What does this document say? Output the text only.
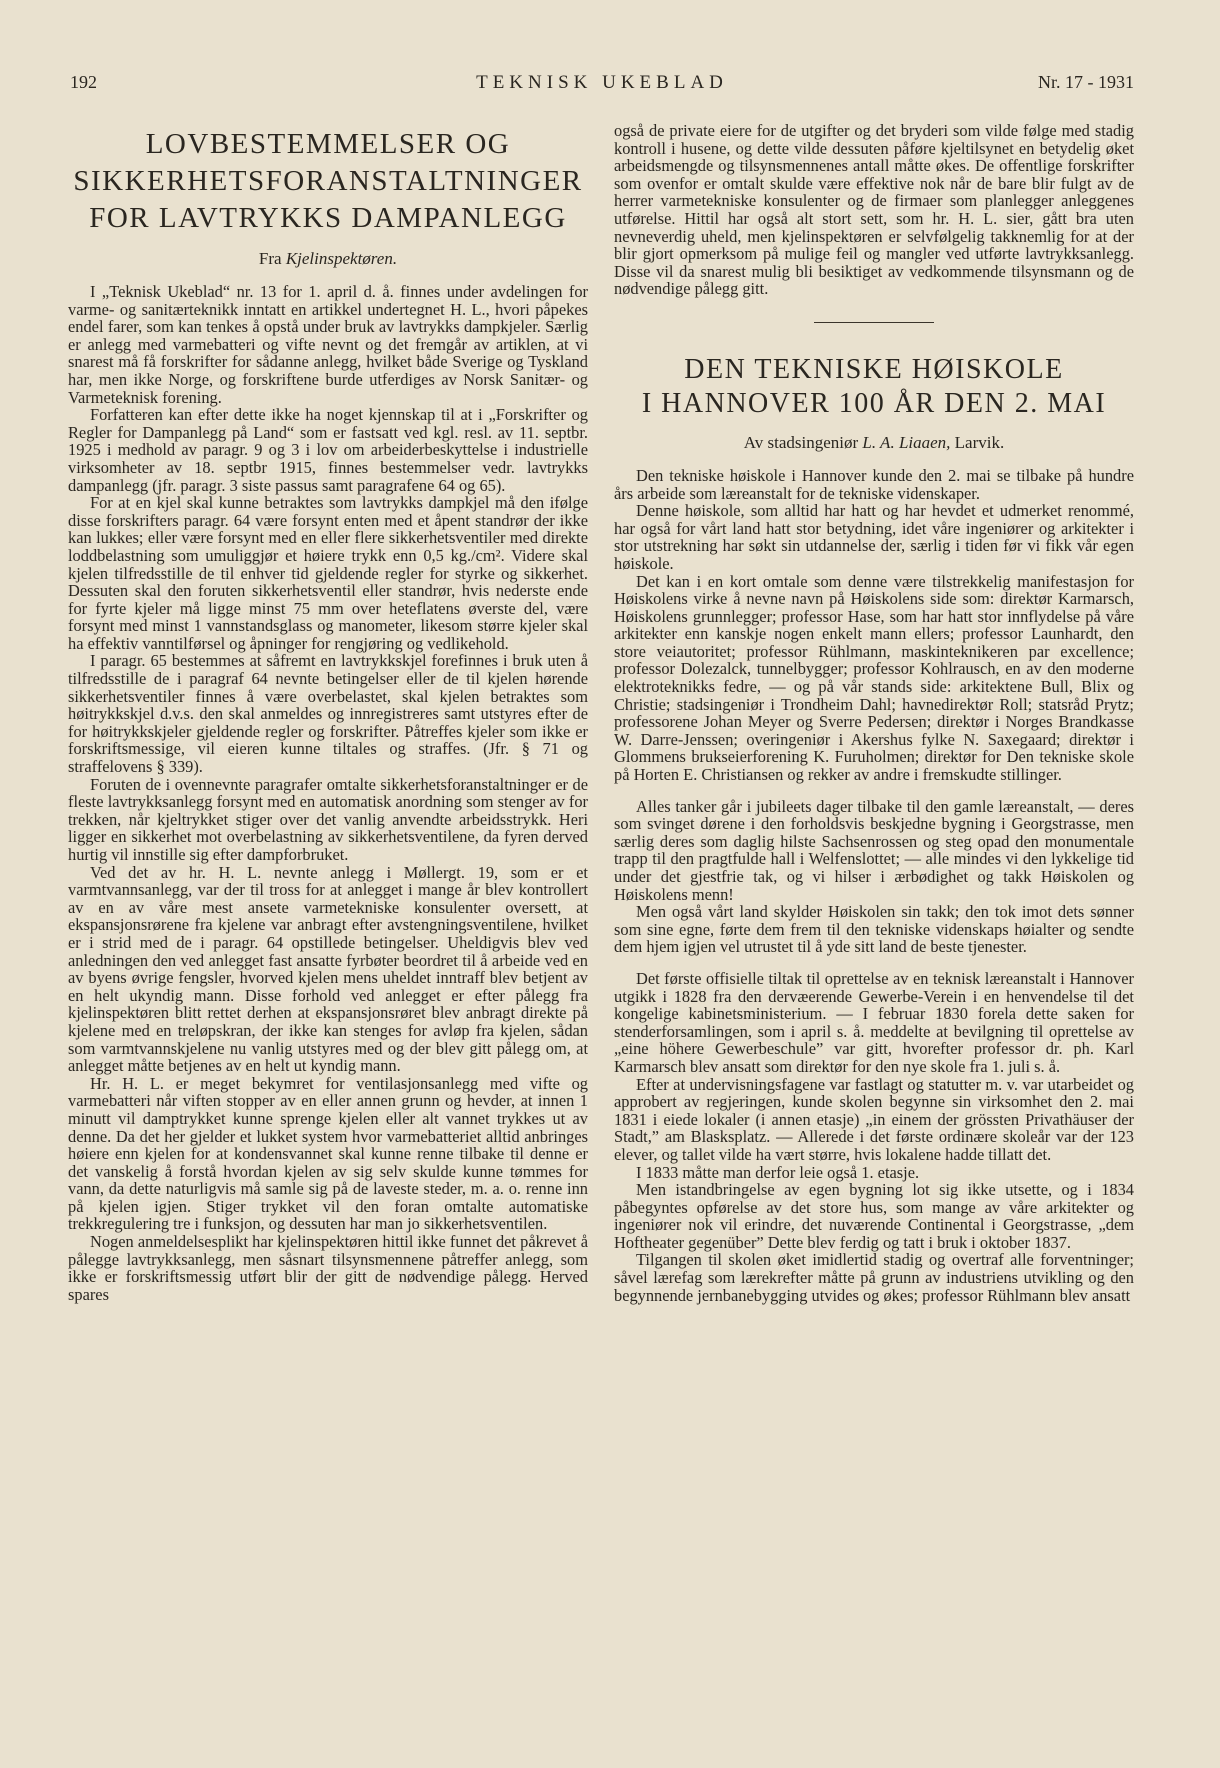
192	TEKNISK UKEBLAD	Nr. 17 - 1931
LOVBESTEMMELSER OG SIKKERHETSFORANSTALTNINGER FOR LAVTRYKKS DAMPANLEGG
Fra Kjelinspektøren.

I „Teknisk Ukeblad“ nr. 13 for 1. april d. å. finnes under avdelingen for varme- og sanitærteknikk inntatt en artikkel undertegnet H. L., hvori påpekes endel farer, som kan tenkes å opstå under bruk av lavtrykks dampkjeler. Særlig er anlegg med varmebatteri og vifte nevnt og det fremgår av artiklen, at vi snarest må få forskrifter for sådanne anlegg, hvilket både Sverige og Tyskland har, men ikke Norge, og forskriftene burde utferdiges av Norsk Sanitær- og Varmeteknisk forening.

Forfatteren kan efter dette ikke ha noget kjennskap til at i „Forskrifter og Regler for Dampanlegg på Land“ som er fastsatt ved kgl. resl. av 11. septbr. 1925 i medhold av paragr. 9 og 3 i lov om arbeiderbeskyttelse i industrielle virksomheter av 18. septbr 1915, finnes bestemmelser vedr. lavtrykks dampanlegg (jfr. paragr. 3 siste passus samt paragrafene 64 og 65).

For at en kjel skal kunne betraktes som lavtrykks dampkjel må den ifølge disse forskrifters paragr. 64 være forsynt enten med et åpent standrør der ikke kan lukkes; eller være forsynt med en eller flere sikkerhetsventiler med direkte loddbelastning som umuliggjør et høiere trykk enn 0,5 kg./cm². Videre skal kjelen tilfredsstille de til enhver tid gjeldende regler for styrke og sikkerhet. Dessuten skal den foruten sikkerhetsventil eller standrør, hvis nederste ende for fyrte kjeler må ligge minst 75 mm over heteflatens øverste del, være forsynt med minst 1 vannstandsglass og manometer, likesom større kjeler skal ha effektiv vanntilførsel og åpninger for rengjøring og vedlikehold.

I paragr. 65 bestemmes at såfremt en lavtrykkskjel forefinnes i bruk uten å tilfredsstille de i paragraf 64 nevnte betingelser eller de til kjelen hørende sikkerhetsventiler finnes å være overbelastet, skal kjelen betraktes som høitrykkskjel d.v.s. den skal anmeldes og innregistreres samt utstyres efter de for høitrykkskjeler gjeldende regler og forskrifter. Påtreffes kjeler som ikke er forskriftsmessige, vil eieren kunne tiltales og straffes. (Jfr. § 71 og straffelovens § 339).

Foruten de i ovennevnte paragrafer omtalte sikkerhetsforanstaltninger er de fleste lavtrykksanlegg forsynt med en automatisk anordning som stenger av for trekken, når kjeltrykket stiger over det vanlig anvendte arbeidsstrykk. Heri ligger en sikkerhet mot overbelastning av sikkerhetsventilene, da fyren derved hurtig vil innstille sig efter dampforbruket.

Ved det av hr. H. L. nevnte anlegg i Møllergt. 19, som er et varmtvannsanlegg, var der til tross for at anlegget i mange år blev kontrollert av en av våre mest ansete varmetekniske konsulenter oversett, at ekspansjonsrørene fra kjelene var anbragt efter avstengningsventilene, hvilket er i strid med de i paragr. 64 opstillede betingelser. Uheldigvis blev ved anledningen den ved anlegget fast ansatte fyrbøter beordret til å arbeide ved en av byens øvrige fengsler, hvorved kjelen mens uheldet inntraff blev betjent av en helt ukyndig mann. Disse forhold ved anlegget er efter pålegg fra kjelinspektøren blitt rettet derhen at ekspansjonsrøret blev anbragt direkte på kjelene med en treløpskran, der ikke kan stenges for avløp fra kjelen, sådan som varmtvannskjelene nu vanlig utstyres med og der blev gitt pålegg om, at anlegget måtte betjenes av en helt ut kyndig mann.

Hr. H. L. er meget bekymret for ventilasjonsanlegg med vifte og varmebatteri når viften stopper av en eller annen grunn og hevder, at innen 1 minutt vil damptrykket kunne sprenge kjelen eller alt vannet trykkes ut av denne. Da det her gjelder et lukket system hvor varmebatteriet alltid anbringes høiere enn kjelen for at kondensvannet skal kunne renne tilbake til denne er det vanskelig å forstå hvordan kjelen av sig selv skulde kunne tømmes for vann, da dette naturligvis må samle sig på de laveste steder, m. a. o. renne inn på kjelen igjen. Stiger trykket vil den foran omtalte automatiske trekkregulering tre i funksjon, og dessuten har man jo sikkerhetsventilen.

Nogen anmeldelsesplikt har kjelinspektøren hittil ikke funnet det påkrevet å pålegge lavtrykksanlegg, men såsnart tilsynsmennene påtreffer anlegg, som ikke er forskriftsmessig utført blir der gitt de nødvendige pålegg. Herved spares

også de private eiere for de utgifter og det bryderi som vilde følge med stadig kontroll i husene, og dette vilde dessuten påføre kjeltilsynet en betydelig øket arbeidsmengde og tilsynsmennenes antall måtte økes. De offentlige forskrifter som ovenfor er omtalt skulde være effektive nok når de bare blir fulgt av de herrer varmetekniske konsulenter og de firmaer som planlegger anleggenes utførelse. Hittil har også alt stort sett, som hr. H. L. sier, gått bra uten nevneverdig uheld, men kjelinspektøren er selvfølgelig takknemlig for at der blir gjort opmerksom på mulige feil og mangler ved utførte lavtrykksanlegg. Disse vil da snarest mulig bli besiktiget av vedkommende tilsynsmann og de nødvendige pålegg gitt.

DEN TEKNISKE HØISKOLE
I HANNOVER 100 ÅR DEN 2. MAI
Av stadsingeniør L. A. Liaaen, Larvik.

Den tekniske høiskole i Hannover kunde den 2. mai se tilbake på hundre års arbeide som læreanstalt for de tekniske videnskaper.

Denne høiskole, som alltid har hatt og har hevdet et udmerket renommé, har også for vårt land hatt stor betydning, idet våre ingeniører og arkitekter i stor utstrekning har søkt sin utdannelse der, særlig i tiden før vi fikk vår egen høiskole.

Det kan i en kort omtale som denne være tilstrekkelig manifestasjon for Høiskolens virke å nevne navn på Høiskolens side som: direktør Karmarsch, Høiskolens grunnlegger; professor Hase, som har hatt stor innflydelse på våre arkitekter enn kanskje nogen enkelt mann ellers; professor Launhardt, den store veiautoritet; professor Rühlmann, maskinteknikeren par excellence; professor Dolezalck, tunnelbygger; professor Kohlrausch, en av den moderne elektroteknikks fedre, — og på vår stands side: arkitektene Bull, Blix og Christie; stadsingeniør i Trondheim Dahl; havnedirektør Roll; statsråd Prytz; professorene Johan Meyer og Sverre Pedersen; direktør i Norges Brandkasse W. Darre-Jenssen; overingeniør i Akershus fylke N. Saxegaard; direktør i Glommens brukseierforening K. Furuholmen; direktør for Den tekniske skole på Horten E. Christiansen og rekker av andre i fremskudte stillinger.

Alles tanker går i jubileets dager tilbake til den gamle læreanstalt, — deres som svinget dørene i den forholdsvis beskjedne bygning i Georgstrasse, men særlig deres som daglig hilste Sachsenrossen og steg opad den monumentale trapp til den pragtfulde hall i Welfenslottet; — alle mindes vi den lykkelige tid under det gjestfrie tak, og vi hilser i ærbødighet og takk Høiskolen og Høiskolens menn!

Men også vårt land skylder Høiskolen sin takk; den tok imot dets sønner som sine egne, førte dem frem til den tekniske videnskaps høialter og sendte dem hjem igjen vel utrustet til å yde sitt land de beste tjenester.

Det første offisielle tiltak til oprettelse av en teknisk læreanstalt i Hannover utgikk i 1828 fra den dervæerende Gewerbe-Verein i en henvendelse til det kongelige kabinetsministerium. — I februar 1830 forela dette saken for stenderforsamlingen, som i april s. å. meddelte at bevilgning til oprettelse av „eine höhere Gewerbeschule” var gitt, hvorefter professor dr. ph. Karl Karmarsch blev ansatt som direktør for den nye skole fra 1. juli s. å.

Efter at undervisningsfagene var fastlagt og statutter m. v. var utarbeidet og approbert av regjeringen, kunde skolen begynne sin virksomhet den 2. mai 1831 i eiede lokaler (i annen etasje) „in einem der grössten Privathäuser der Stadt,” am Blasksplatz. — Allerede i det første ordinære skoleår var der 123 elever, og tallet vilde ha vært større, hvis lokalene hadde tillatt det.

I 1833 måtte man derfor leie også 1. etasje.

Men istandbringelse av egen bygning lot sig ikke utsette, og i 1834 påbegyntes opførelse av det store hus, som mange av våre arkitekter og ingeniører nok vil erindre, det nuværende Continental i Georgstrasse, „dem Hoftheater gegenüber” Dette blev ferdig og tatt i bruk i oktober 1837.

Tilgangen til skolen øket imidlertid stadig og overtraf alle forventninger; såvel lærefag som lærekrefter måtte på grunn av industriens utvikling og den begynnende jernbanebygging utvides og økes; professor Rühlmann blev ansatt
